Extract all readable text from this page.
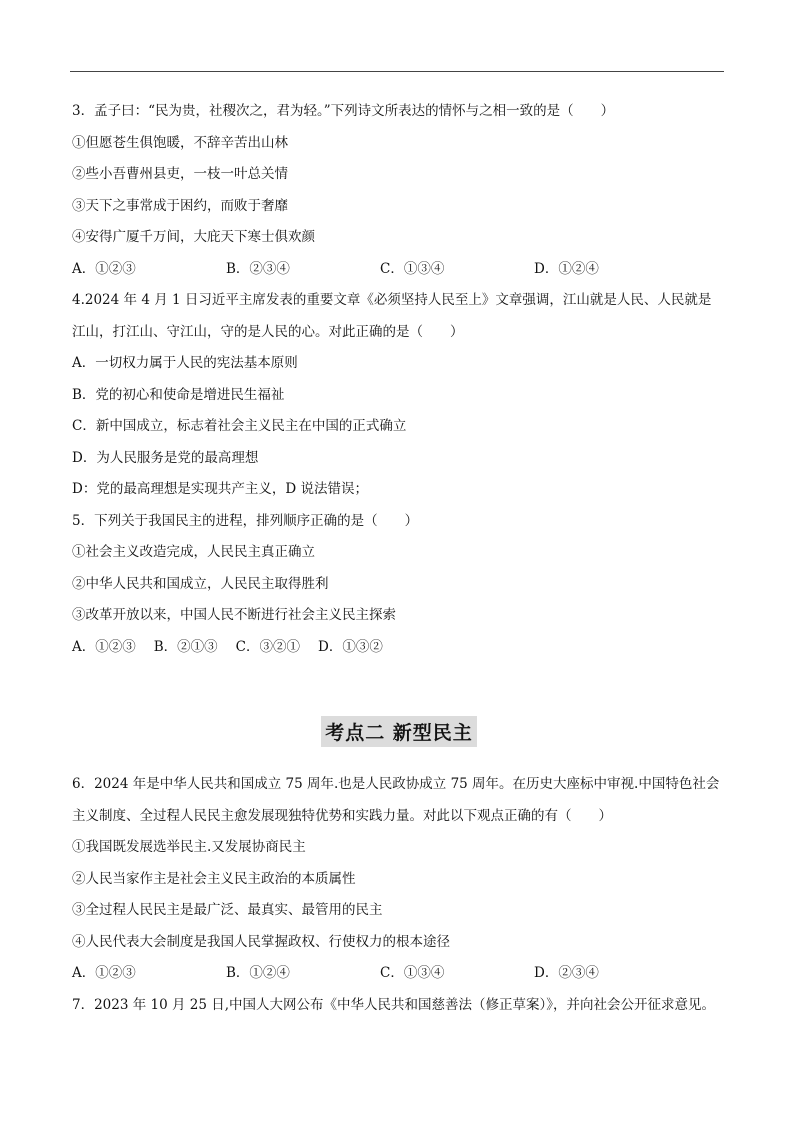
3．孟子曰：“民为贵，社稷次之，君为轻。”下列诗文所表达的情怀与之相一致的是（　　）
①但愿苍生俱饱暖，不辞辛苦出山林
②些小吾曹州县吏，一枝一叶总关情
③天下之事常成于困约，而败于奢靡
④安得广厦千万间，大庇天下寒士俱欢颜
A．①②③	B．②③④	C．①③④	D．①②④
4.2024 年 4 月 1 日习近平主席发表的重要文章《必须坚持人民至上》文章强调，江山就是人民、人民就是
江山，打江山、守江山，守的是人民的心。对此正确的是（　　）
A．一切权力属于人民的宪法基本原则
B．党的初心和使命是增进民生福祉
C．新中国成立，标志着社会主义民主在中国的正式确立
D．为人民服务是党的最高理想
D：党的最高理想是实现共产主义，D 说法错误；
5．下列关于我国民主的进程，排列顺序正确的是（　　）
①社会主义改造完成，人民民主真正确立
②中华人民共和国成立，人民民主取得胜利
③改革开放以来，中国人民不断进行社会主义民主探索
A．①②③ B．②①③ C．③②① D．①③②
考点二 新型民主
6．2024 年是中华人民共和国成立 75 周年.也是人民政协成立 75 周年。在历史大座标中审视.中国特色社会
主义制度、全过程人民民主愈发展现独特优势和实践力量。对此以下观点正确的有（　　）
①我国既发展选举民主.又发展协商民主
②人民当家作主是社会主义民主政治的本质属性
③全过程人民民主是最广泛、最真实、最管用的民主
④人民代表大会制度是我国人民掌握政权、行使权力的根本途径
A．①②③	B．①②④	C．①③④	D．②③④
7．2023 年 10 月 25 日,中国人大网公布《中华人民共和国慈善法（修正草案）》，并向社会公开征求意见。
